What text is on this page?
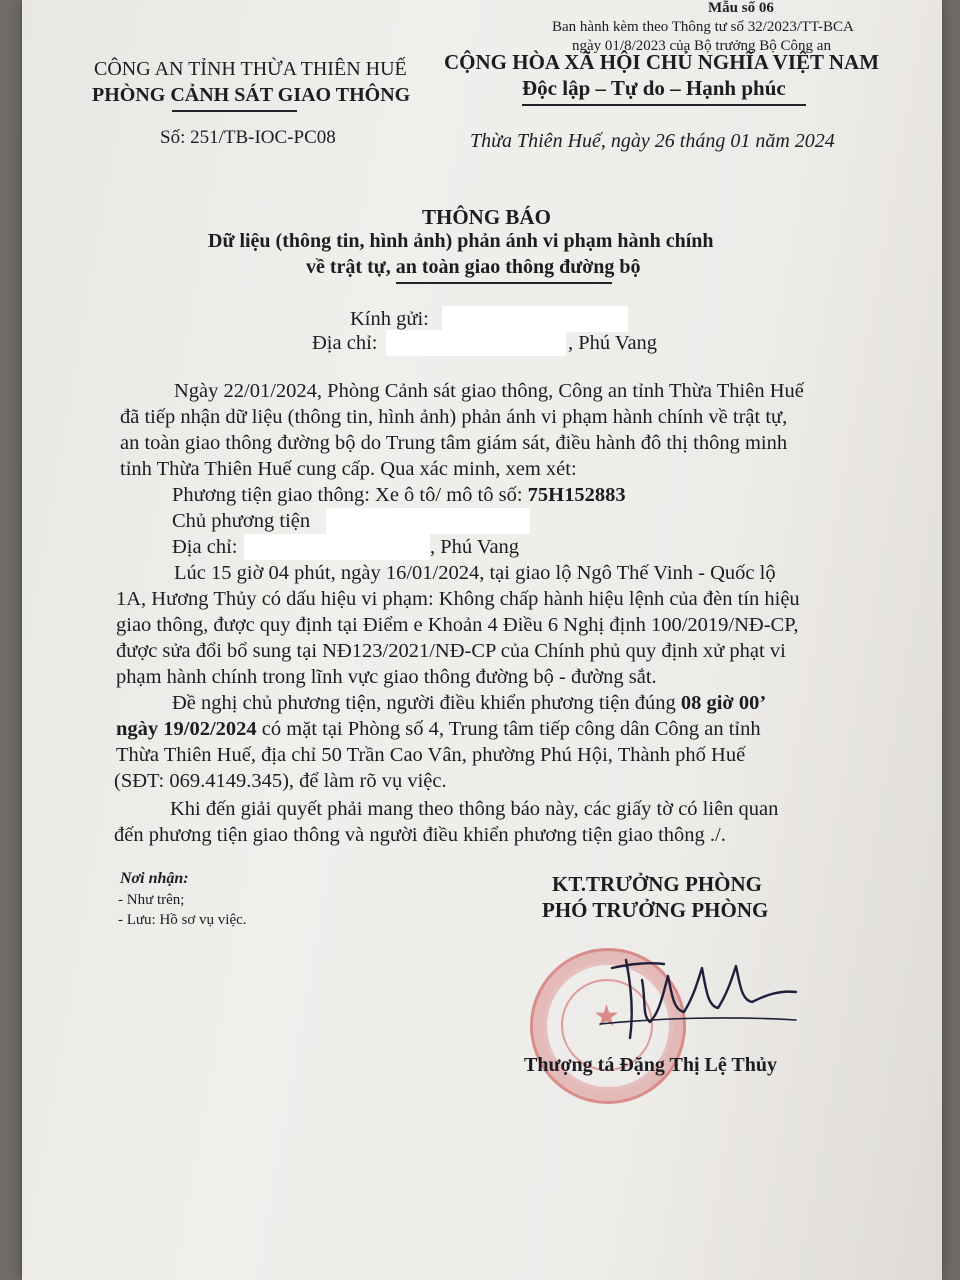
Mẫu số 06
Ban hành kèm theo Thông tư số 32/2023/TT-BCA
ngày 01/8/2023 của Bộ trưởng Bộ Công an
CÔNG AN TỈNH THỪA THIÊN HUẾ
PHÒNG CẢNH SÁT GIAO THÔNG
Số: 251/TB-IOC-PC08
CỘNG HÒA XÃ HỘI CHỦ NGHĨA VIỆT NAM
Độc lập – Tự do – Hạnh phúc
Thừa Thiên Huế, ngày 26 tháng 01 năm 2024
THÔNG BÁO
Dữ liệu (thông tin, hình ảnh) phản ánh vi phạm hành chính
về trật tự, an toàn giao thông đường bộ
Kính gửi:
Địa chỉ:	, Phú Vang
Ngày 22/01/2024, Phòng Cảnh sát giao thông, Công an tỉnh Thừa Thiên Huế
đã tiếp nhận dữ liệu (thông tin, hình ảnh) phản ánh vi phạm hành chính về trật tự,
an toàn giao thông đường bộ do Trung tâm giám sát, điều hành đô thị thông minh
tỉnh Thừa Thiên Huế cung cấp. Qua xác minh, xem xét:
Phương tiện giao thông: Xe ô tô/ mô tô số: 75H152883
Chủ phương tiện
Địa chỉ:	, Phú Vang
Lúc 15 giờ 04 phút, ngày 16/01/2024, tại giao lộ Ngô Thế Vinh - Quốc lộ
1A, Hương Thủy có dấu hiệu vi phạm: Không chấp hành hiệu lệnh của đèn tín hiệu
giao thông, được quy định tại Điểm e Khoản 4 Điều 6 Nghị định 100/2019/NĐ-CP,
được sửa đổi bổ sung tại NĐ123/2021/NĐ-CP của Chính phủ quy định xử phạt vi
phạm hành chính trong lĩnh vực giao thông đường bộ - đường sắt.
Đề nghị chủ phương tiện, người điều khiển phương tiện đúng 08 giờ 00’
ngày 19/02/2024 có mặt tại Phòng số 4, Trung tâm tiếp công dân Công an tỉnh
Thừa Thiên Huế, địa chỉ 50 Trần Cao Vân, phường Phú Hội, Thành phố Huế
(SĐT: 069.4149.345), để làm rõ vụ việc.
Khi đến giải quyết phải mang theo thông báo này, các giấy tờ có liên quan
đến phương tiện giao thông và người điều khiển phương tiện giao thông ./.
Nơi nhận:
- Như trên;
- Lưu: Hồ sơ vụ việc.
KT.TRƯỞNG PHÒNG
PHÓ TRƯỞNG PHÒNG
★
Thượng tá Đặng Thị Lệ Thủy
